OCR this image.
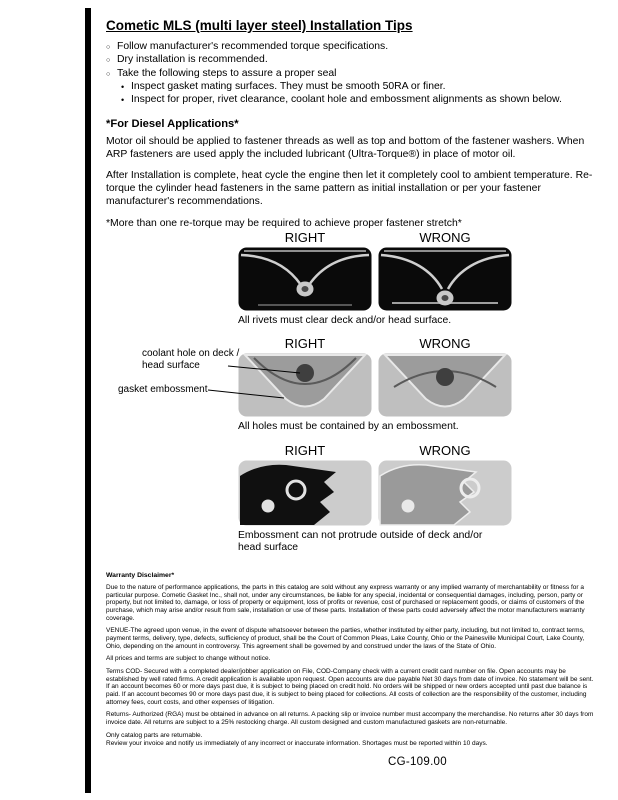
Cometic MLS (multi layer steel) Installation Tips
○ Follow manufacturer's recommended torque specifications.
○ Dry installation is recommended.
○ Take the following steps to assure a proper seal
• Inspect gasket mating surfaces. They must be smooth 50RA or finer.
• Inspect for proper, rivet clearance, coolant hole and embossment alignments as shown below.
*For Diesel Applications*

Motor oil should be applied to fastener threads as well as top and bottom of the fastener washers. When ARP fasteners are used apply the included lubricant (Ultra-Torque®) in place of motor oil.

After Installation is complete, heat cycle the engine then let it completely cool to ambient temperature. Re-torque the cylinder head fasteners in the same pattern as initial installation or per your fastener manufacturer's recommendations.

*More than one re-torque may be required to achieve proper fastener stretch*

RIGHT	WRONG
All rivets must clear deck and/or head surface.
coolant hole on deck / head surface
gasket embossment
RIGHT	WRONG
All holes must be contained by an embossment.
RIGHT	WRONG
Embossment can not protrude outside of deck and/or head surface
Warranty Disclaimer*

Due to the nature of performance applications, the parts in this catalog are sold without any express warranty or any implied warranty of merchantability or fitness for a particular purpose. Cometic Gasket Inc., shall not, under any circumstances, be liable for any special, incidental or consequential damages, including, person, party or property, but not limited to, damage, or loss of property or equipment, loss of profits or revenue, cost of purchased or replacement goods, or claims of customers of the purchase, which may arise and/or result from sale, installation or use of these parts. Installation of these parts could adversely affect the motor manufacturers warranty coverage.

VENUE-The agreed upon venue, in the event of dispute whatsoever between the parties, whether instituted by either party, including, but not limited to, contract terms, payment terms, delivery, type, defects, sufficiency of product, shall be the Court of Common Pleas, Lake County, Ohio or the Painesville Municipal Court, Lake County, Ohio, depending on the amount in controversy. This agreement shall be governed by and construed under the laws of the State of Ohio.

All prices and terms are subject to change without notice.

Terms COD- Secured with a completed dealer/jobber application on File, COD-Company check with a current credit card number on file. Open accounts may be established by well rated firms. A credit application is available upon request. Open accounts are due payable Net 30 days from date of invoice. No statement will be sent. If an account becomes 60 or more days past due, it is subject to being placed on credit hold. No orders will be shipped or new orders accepted until past due balance is paid. If an account becomes 90 or more days past due, it is subject to being placed for collections. All costs of collection are the responsibility of the customer, including attorney fees, court costs, and other expenses of litigation.

Returns- Authorized (RGA) must be obtained in advance on all returns. A packing slip or invoice number must accompany the merchandise. No returns after 30 days from invoice date. All returns are subject to a 25% restocking charge. All custom designed and custom manufactured gaskets are non-returnable.

Only catalog parts are returnable.

Review your invoice and notify us immediately of any incorrect or inaccurate information. Shortages must be reported within 10 days.

CG-109.00
